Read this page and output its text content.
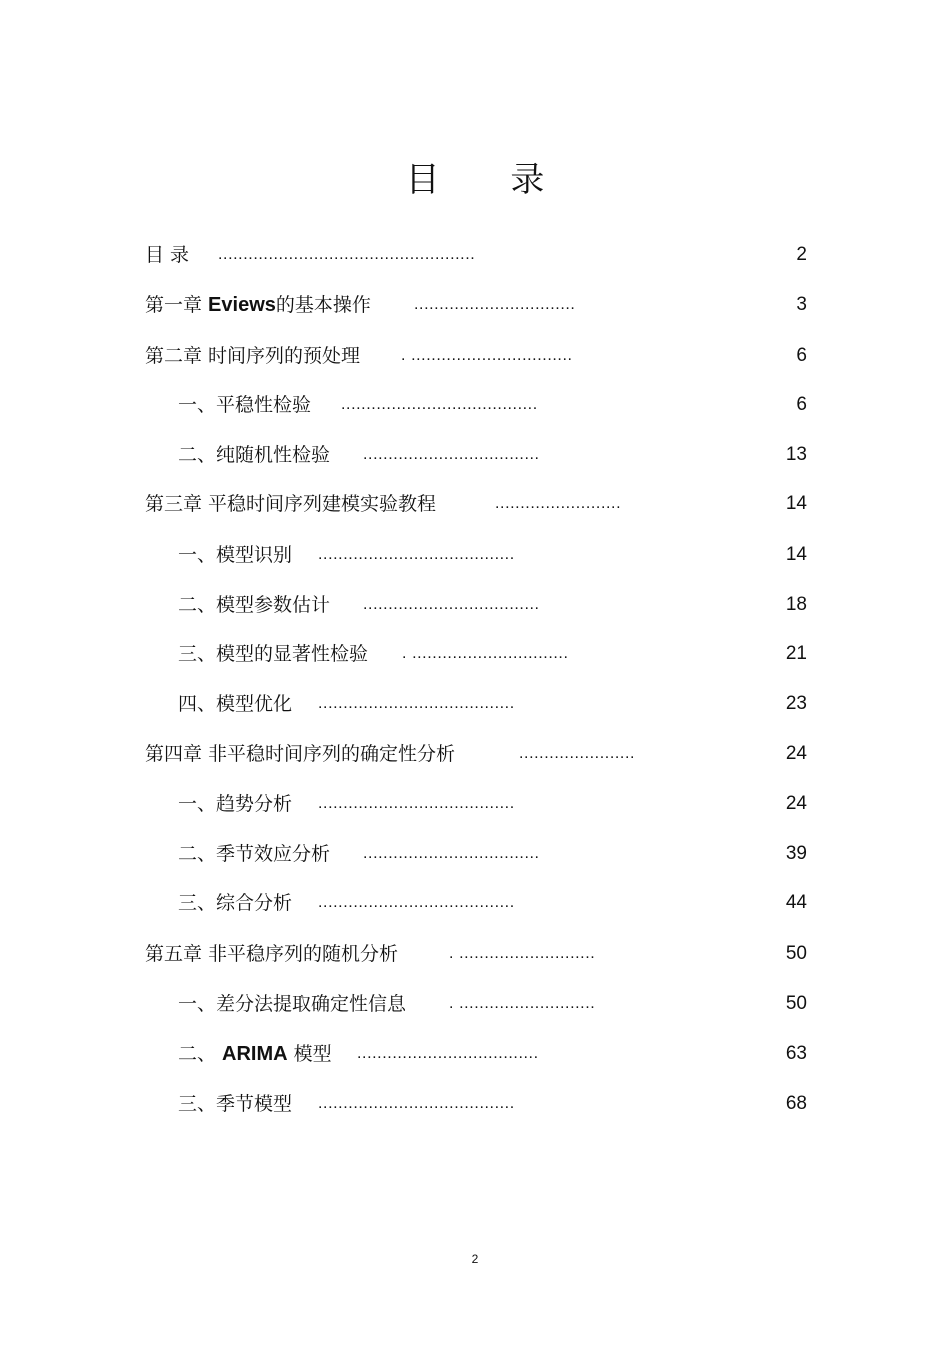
目 录
目 录 ...................................................	2
第一章 Eviews的基本操作	................................	3
第二章 时间序列的预处理	. ................................	6
一、平稳性检验 .......................................	6
二、纯随机性检验 ...................................	13
第三章 平稳时间序列建模实验教程	.........................	14
一、模型识别 .......................................	14
二、模型参数估计 ...................................	18
三、模型的显著性检验 . ...............................	21
四、模型优化 .......................................	23
第四章 非平稳时间序列的确定性分析	.......................	24
一、趋势分析 .......................................	24
二、季节效应分析 ...................................	39
三、综合分析 .......................................	44
第五章 非平稳序列的随机分析	. ...........................	50
一、差分法提取确定性信息	. ...........................	50
二、 ARIMA 模型 ....................................	63
三、季节模型 .......................................	68
2
